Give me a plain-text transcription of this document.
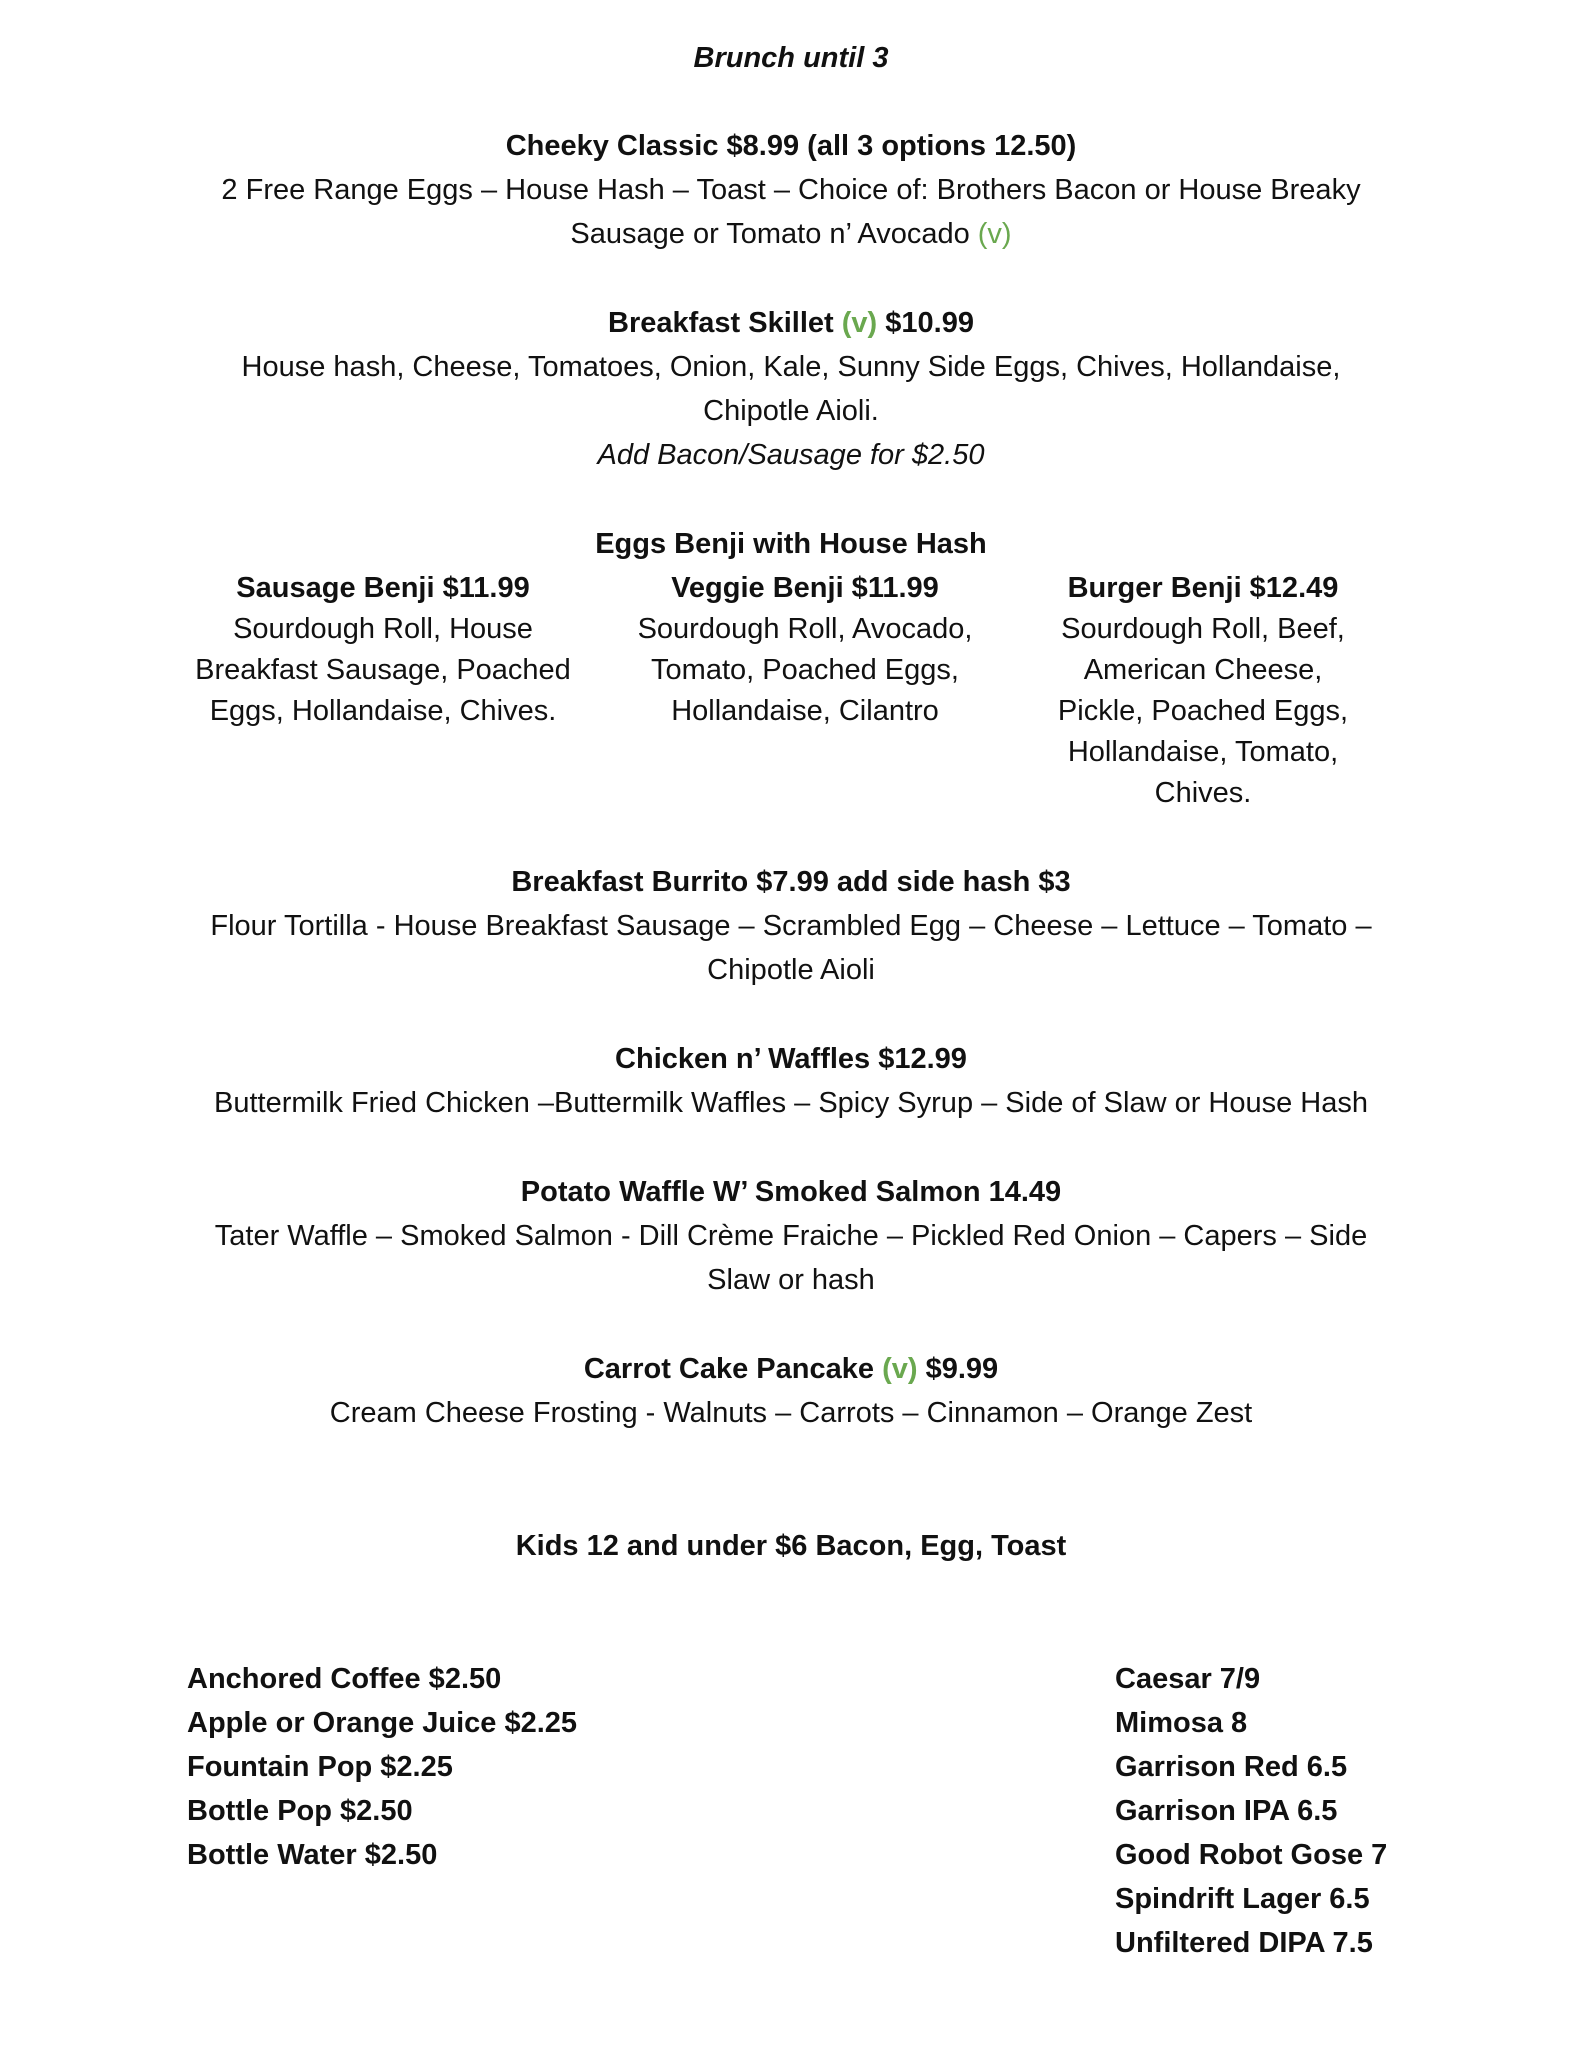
Brunch until 3
Cheeky Classic $8.99 (all 3 options 12.50)
2 Free Range Eggs – House Hash – Toast – Choice of: Brothers Bacon or House Breaky
Sausage or Tomato n’ Avocado (v)
Breakfast Skillet (v) $10.99
House hash, Cheese, Tomatoes, Onion, Kale, Sunny Side Eggs, Chives, Hollandaise,
Chipotle Aioli.
Add Bacon/Sausage for $2.50
Eggs Benji with House Hash
Sausage Benji $11.99
Sourdough Roll, House
Breakfast Sausage, Poached
Eggs, Hollandaise, Chives.
Veggie Benji $11.99
Sourdough Roll, Avocado,
Tomato, Poached Eggs,
Hollandaise, Cilantro
Burger Benji $12.49
Sourdough Roll, Beef,
American Cheese,
Pickle, Poached Eggs,
Hollandaise, Tomato,
Chives.
Breakfast Burrito $7.99 add side hash $3
Flour Tortilla - House Breakfast Sausage – Scrambled Egg – Cheese – Lettuce – Tomato –
Chipotle Aioli
Chicken n’ Waffles $12.99
Buttermilk Fried Chicken –Buttermilk Waffles – Spicy Syrup – Side of Slaw or House Hash
Potato Waffle W’ Smoked Salmon 14.49
Tater Waffle – Smoked Salmon - Dill Crème Fraiche – Pickled Red Onion – Capers – Side
Slaw or hash
Carrot Cake Pancake (v) $9.99
Cream Cheese Frosting - Walnuts – Carrots – Cinnamon – Orange Zest
Kids 12 and under $6 Bacon, Egg, Toast
Anchored Coffee $2.50
Apple or Orange Juice $2.25
Fountain Pop $2.25
Bottle Pop $2.50
Bottle Water $2.50
Caesar 7/9
Mimosa 8
Garrison Red 6.5
Garrison IPA 6.5
Good Robot Gose 7
Spindrift Lager 6.5
Unfiltered DIPA 7.5
